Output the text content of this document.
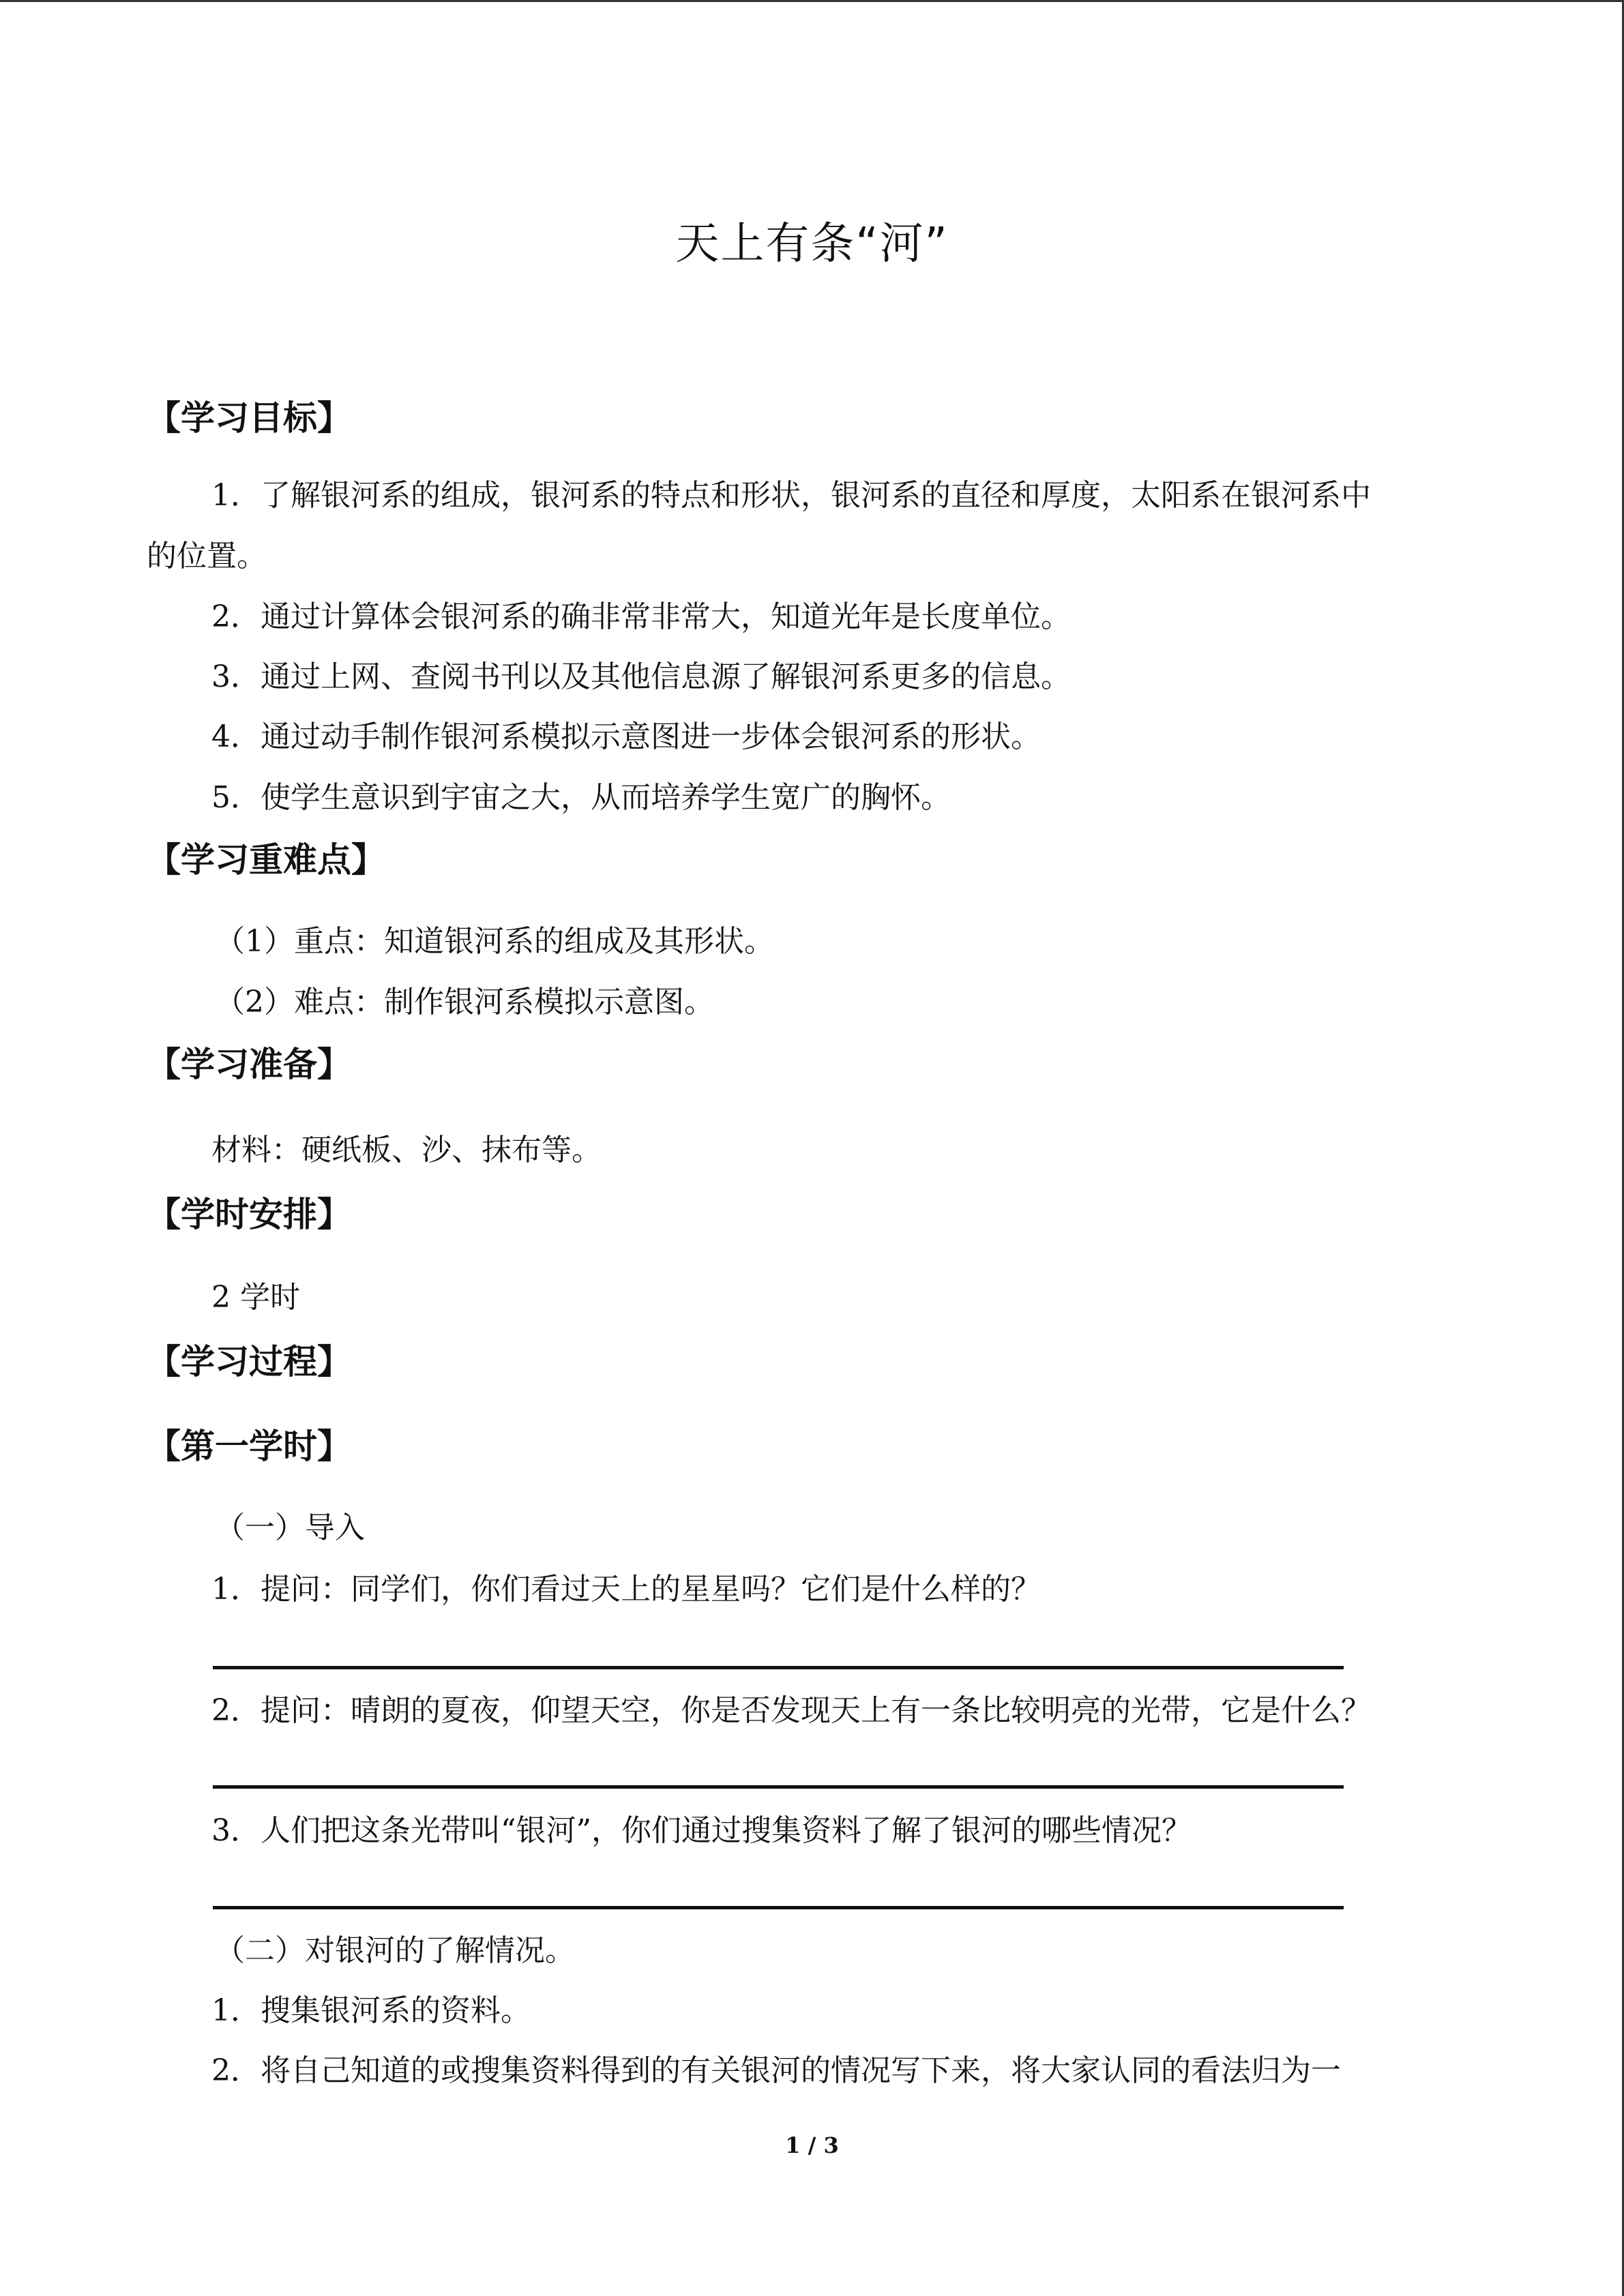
天上有条“河”
【学习目标】
1．了解银河系的组成，银河系的特点和形状，银河系的直径和厚度，太阳系在银河系中
的位置。
2．通过计算体会银河系的确非常非常大，知道光年是长度单位。
3．通过上网、查阅书刊以及其他信息源了解银河系更多的信息。
4．通过动手制作银河系模拟示意图进一步体会银河系的形状。
5．使学生意识到宇宙之大，从而培养学生宽广的胸怀。
【学习重难点】
（1）重点：知道银河系的组成及其形状。
（2）难点：制作银河系模拟示意图。
【学习准备】
材料：硬纸板、沙、抹布等。
【学时安排】
2 学时
【学习过程】
【第一学时】
（一）导入
1．提问：同学们，你们看过天上的星星吗？它们是什么样的？
2．提问：晴朗的夏夜，仰望天空，你是否发现天上有一条比较明亮的光带，它是什么？
3．人们把这条光带叫“银河”，你们通过搜集资料了解了银河的哪些情况？
（二）对银河的了解情况。
1．搜集银河系的资料。
2．将自己知道的或搜集资料得到的有关银河的情况写下来，将大家认同的看法归为一
1 / 3
